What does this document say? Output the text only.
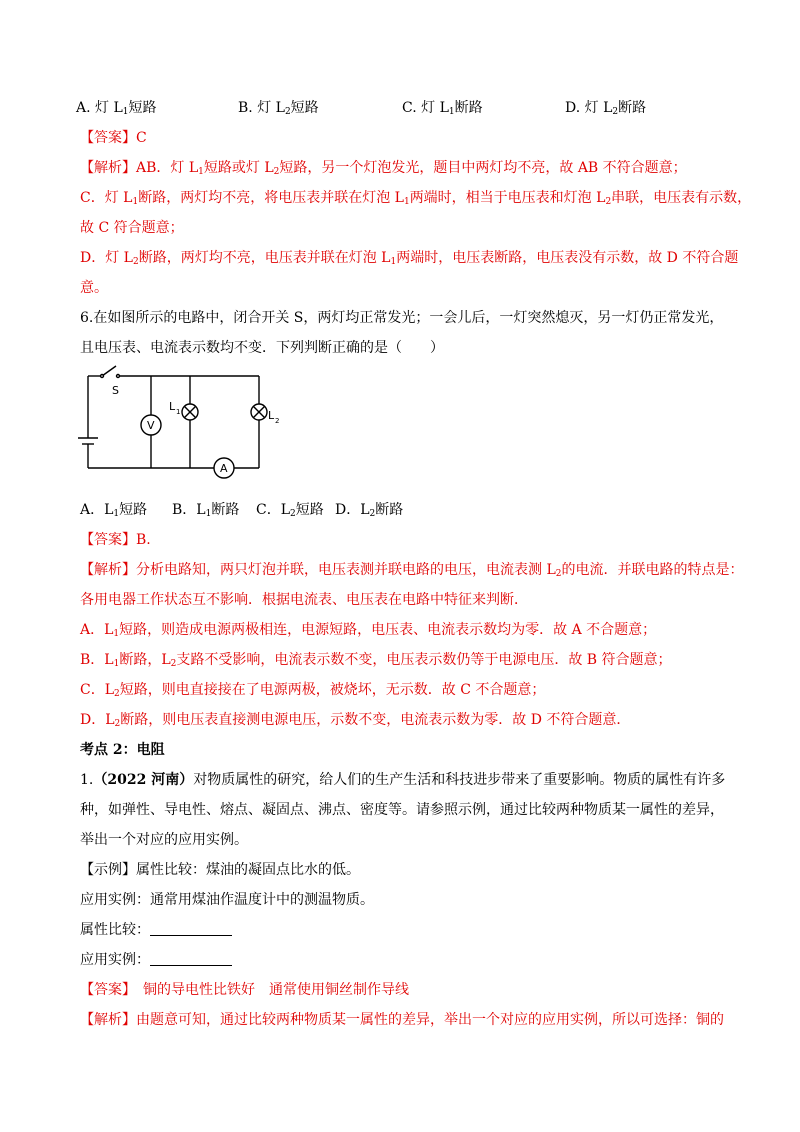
A. 灯 $L_1$短路	B. 灯 $L_2$短路	C. 灯 $L_1$断路	D. 灯 $L_2$断路
【答案】C
【解析】AB．灯 $L_1$短路或灯 $L_2$短路，另一个灯泡发光，题目中两灯均不亮，故 AB 不符合题意；
C．灯 $L_1$断路，两灯均不亮，将电压表并联在灯泡 $L_1$两端时，相当于电压表和灯泡 $L_2$串联，电压表有示数，
故 C 符合题意；
D．灯 $L_2$断路，两灯均不亮，电压表并联在灯泡 $L_1$两端时，电压表断路，电压表没有示数，故 D 不符合题
意。
6.在如图所示的电路中，闭合开关 S，两灯均正常发光；一会儿后，一灯突然熄灭，另一灯仍正常发光，
且电压表、电流表示数均不变．下列判断正确的是（　　）
S
V
A
L 1	L 2
A．$L_1$短路 B．$L_1$断路 C．$L_2$短路 D．$L_2$断路
【答案】B.
【解析】分析电路知，两只灯泡并联，电压表测并联电路的电压，电流表测 $L_2$的电流．并联电路的特点是：
各用电器工作状态互不影响．根据电流表、电压表在电路中特征来判断．
A．$L_1$短路，则造成电源两极相连，电源短路，电压表、电流表示数均为零．故 A 不合题意；
B．$L_1$断路，$L_2$支路不受影响，电流表示数不变，电压表示数仍等于电源电压．故 B 符合题意；
C．$L_2$短路，则电直接接在了电源两极，被烧坏，无示数．故 C 不合题意；
D．$L_2$断路，则电压表直接测电源电压，示数不变，电流表示数为零．故 D 不符合题意．
考点 2：电阻
1.（2022 河南）对物质属性的研究，给人们的生产生活和科技进步带来了重要影响。物质的属性有许多
种，如弹性、导电性、熔点、凝固点、沸点、密度等。请参照示例，通过比较两种物质某一属性的差异，
举出一个对应的应用实例。
【示例】属性比较：煤油的凝固点比水的低。
应用实例：通常用煤油作温度计中的测温物质。
属性比较：
应用实例：
【答案】　铜的导电性比铁好　通常使用铜丝制作导线
【解析】由题意可知，通过比较两种物质某一属性的差异，举出一个对应的应用实例，所以可选择：铜的
